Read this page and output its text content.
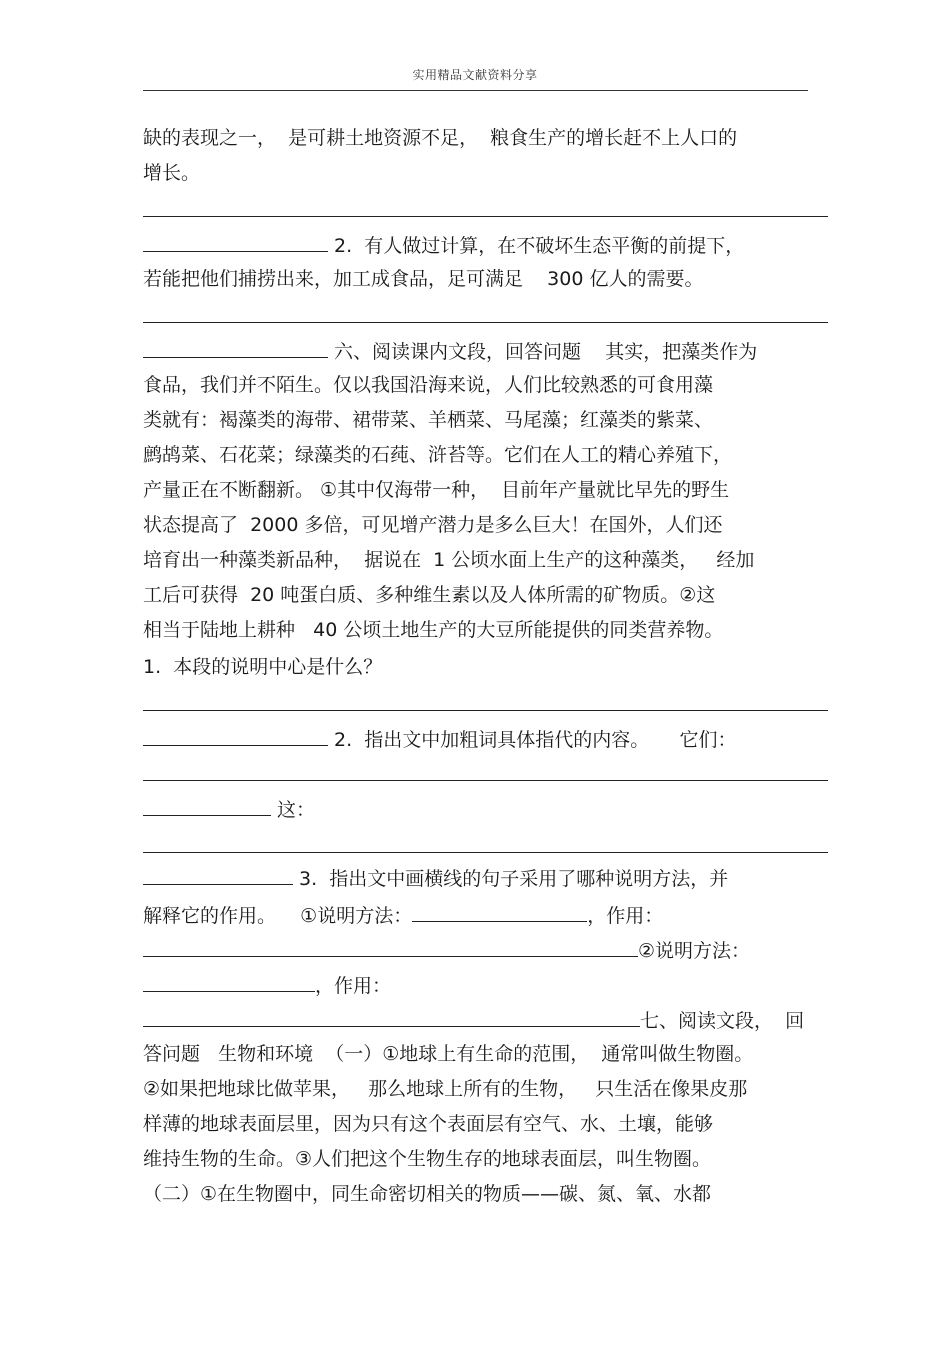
实用精品文献资料分享
缺的表现之一，  是可耕土地资源不足，  粮食生产的增长赶不上人口的
增长。
2.  有人做过计算，在不破坏生态平衡的前提下，
若能把他们捕捞出来，加工成食品，足可满足    300 亿人的需要。
六、阅读课内文段，回答问题    其实，把藻类作为
食品，我们并不陌生。仅以我国沿海来说，人们比较熟悉的可食用藻
类就有：褐藻类的海带、裙带菜、羊栖菜、马尾藻；红藻类的紫菜、
鹧鸪菜、石花菜；绿藻类的石莼、浒苔等。它们在人工的精心养殖下，
产量正在不断翻新。 ①其中仅海带一种，  目前年产量就比早先的野生
状态提高了  2000 多倍，可见增产潜力是多么巨大！在国外，人们还
培育出一种藻类新品种，  据说在  1 公顷水面上生产的这种藻类，   经加
工后可获得  20 吨蛋白质、多种维生素以及人体所需的矿物质。②这
相当于陆地上耕种   40 公顷土地生产的大豆所能提供的同类营养物。
1.  本段的说明中心是什么？
2.  指出文中加粗词具体指代的内容。     它们：
这：
3.  指出文中画横线的句子采用了哪种说明方法，并
解释它的作用。    ①说明方法：	，作用：
②说明方法：
，作用：
七、阅读文段，  回
答问题   生物和环境  （一）①地球上有生命的范围，  通常叫做生物圈。
②如果把地球比做苹果，   那么地球上所有的生物，   只生活在像果皮那
样薄的地球表面层里，因为只有这个表面层有空气、水、土壤，能够
维持生物的生命。③人们把这个生物生存的地球表面层，叫生物圈。
（二）①在生物圈中，同生命密切相关的物质——碳、氮、氧、水都
